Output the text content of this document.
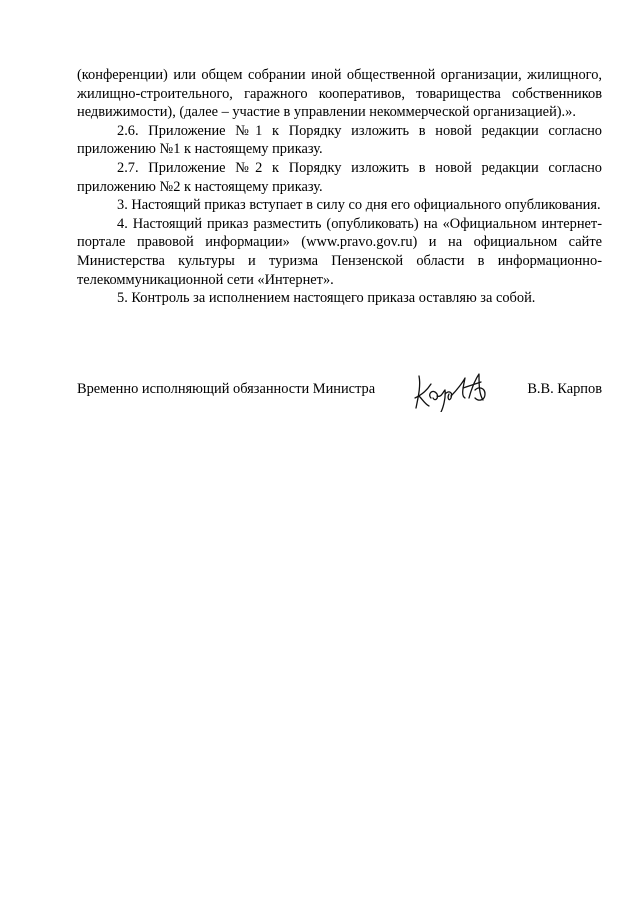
(конференции) или общем собрании иной общественной организации, жилищного, жилищно-строительного, гаражного кооперативов, товарищества собственников недвижимости), (далее – участие в управлении некоммерческой организацией).».

2.6. Приложение №1 к Порядку изложить в новой редакции согласно приложению №1 к настоящему приказу.

2.7. Приложение №2 к Порядку изложить в новой редакции согласно приложению №2 к настоящему приказу.

3. Настоящий приказ вступает в силу со дня его официального опубликования.

4. Настоящий приказ разместить (опубликовать) на «Официальном интернет-портале правовой информации» (www.pravo.gov.ru) и на официальном сайте Министерства культуры и туризма Пензенской области в информационно-телекоммуникационной сети «Интернет».

5. Контроль за исполнением настоящего приказа оставляю за собой.

Временно исполняющий обязанности Министра	В.В. Карпов
